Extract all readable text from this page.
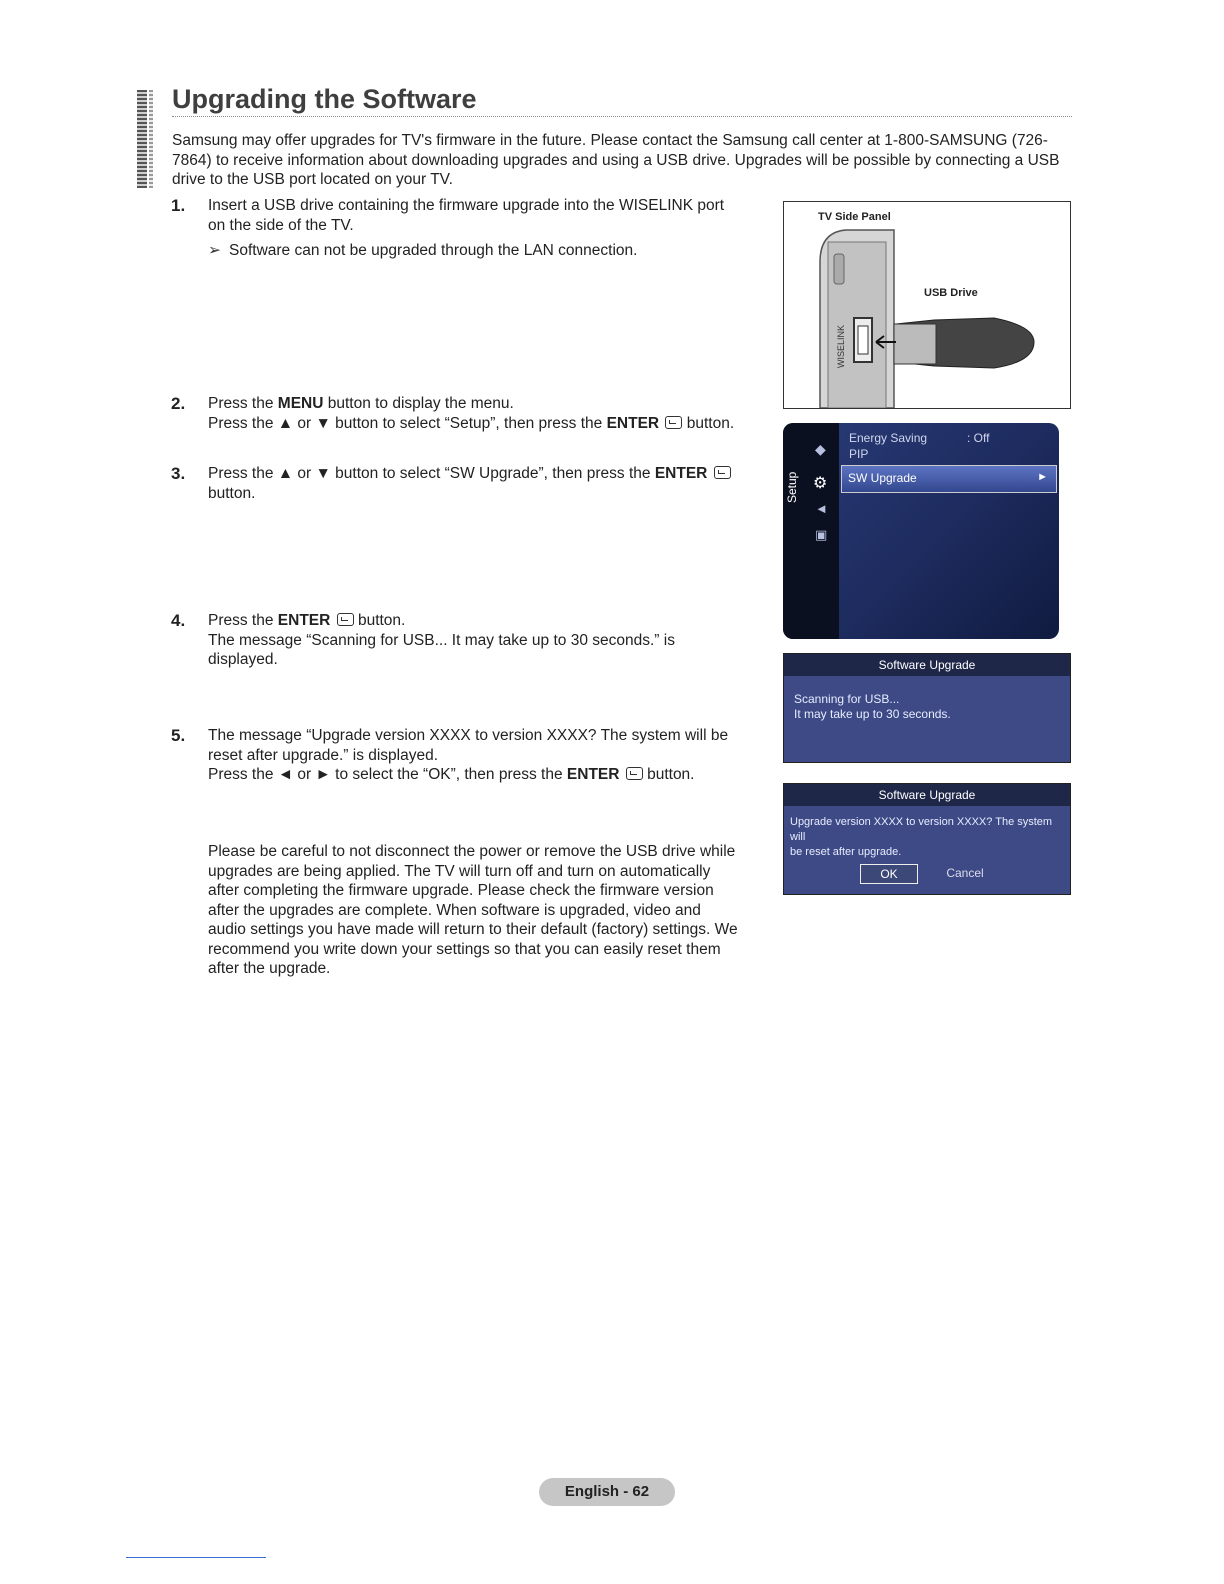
Upgrading the Software

Samsung may offer upgrades for TV's firmware in the future. Please contact the Samsung call center at 1-800-SAMSUNG (726-7864) to receive information about downloading upgrades and using a USB drive. Upgrades will be possible by connecting a USB drive to the USB port located on your TV.

1. Insert a USB drive containing the firmware upgrade into the WISELINK port
on the side of the TV.
➢ Software can not be upgraded through the LAN connection.
2. Press the MENU button to display the menu.
Press the ▲ or ▼ button to select “Setup”, then press the ENTER  button.
3. Press the ▲ or ▼ button to select “SW Upgrade”, then press the ENTER
button.
4. Press the ENTER  button.
The message “Scanning for USB... It may take up to 30 seconds.” is
displayed.
5. The message “Upgrade version XXXX to version XXXX? The system will be
reset after upgrade.” is displayed.
Press the ◄ or ► to select the “OK”, then press the ENTER  button.
Please be careful to not disconnect the power or remove the USB drive while
upgrades are being applied. The TV will turn off and turn on automatically
after completing the firmware upgrade. Please check the firmware version
after the upgrades are complete. When software is upgraded, video and
audio settings you have made will return to their default (factory) settings. We
recommend you write down your settings so that you can easily reset them
after the upgrade.
TV Side Panel
WISELINK
USB Drive
Setup
◆
⚙
◄
▣
Energy Saving	: Off
PIP
SW Upgrade	►
Software Upgrade
Scanning for USB...
It may take up to 30 seconds.
Software Upgrade
Upgrade version XXXX to version XXXX? The system will
be reset after upgrade.
OK	Cancel
English - 62
